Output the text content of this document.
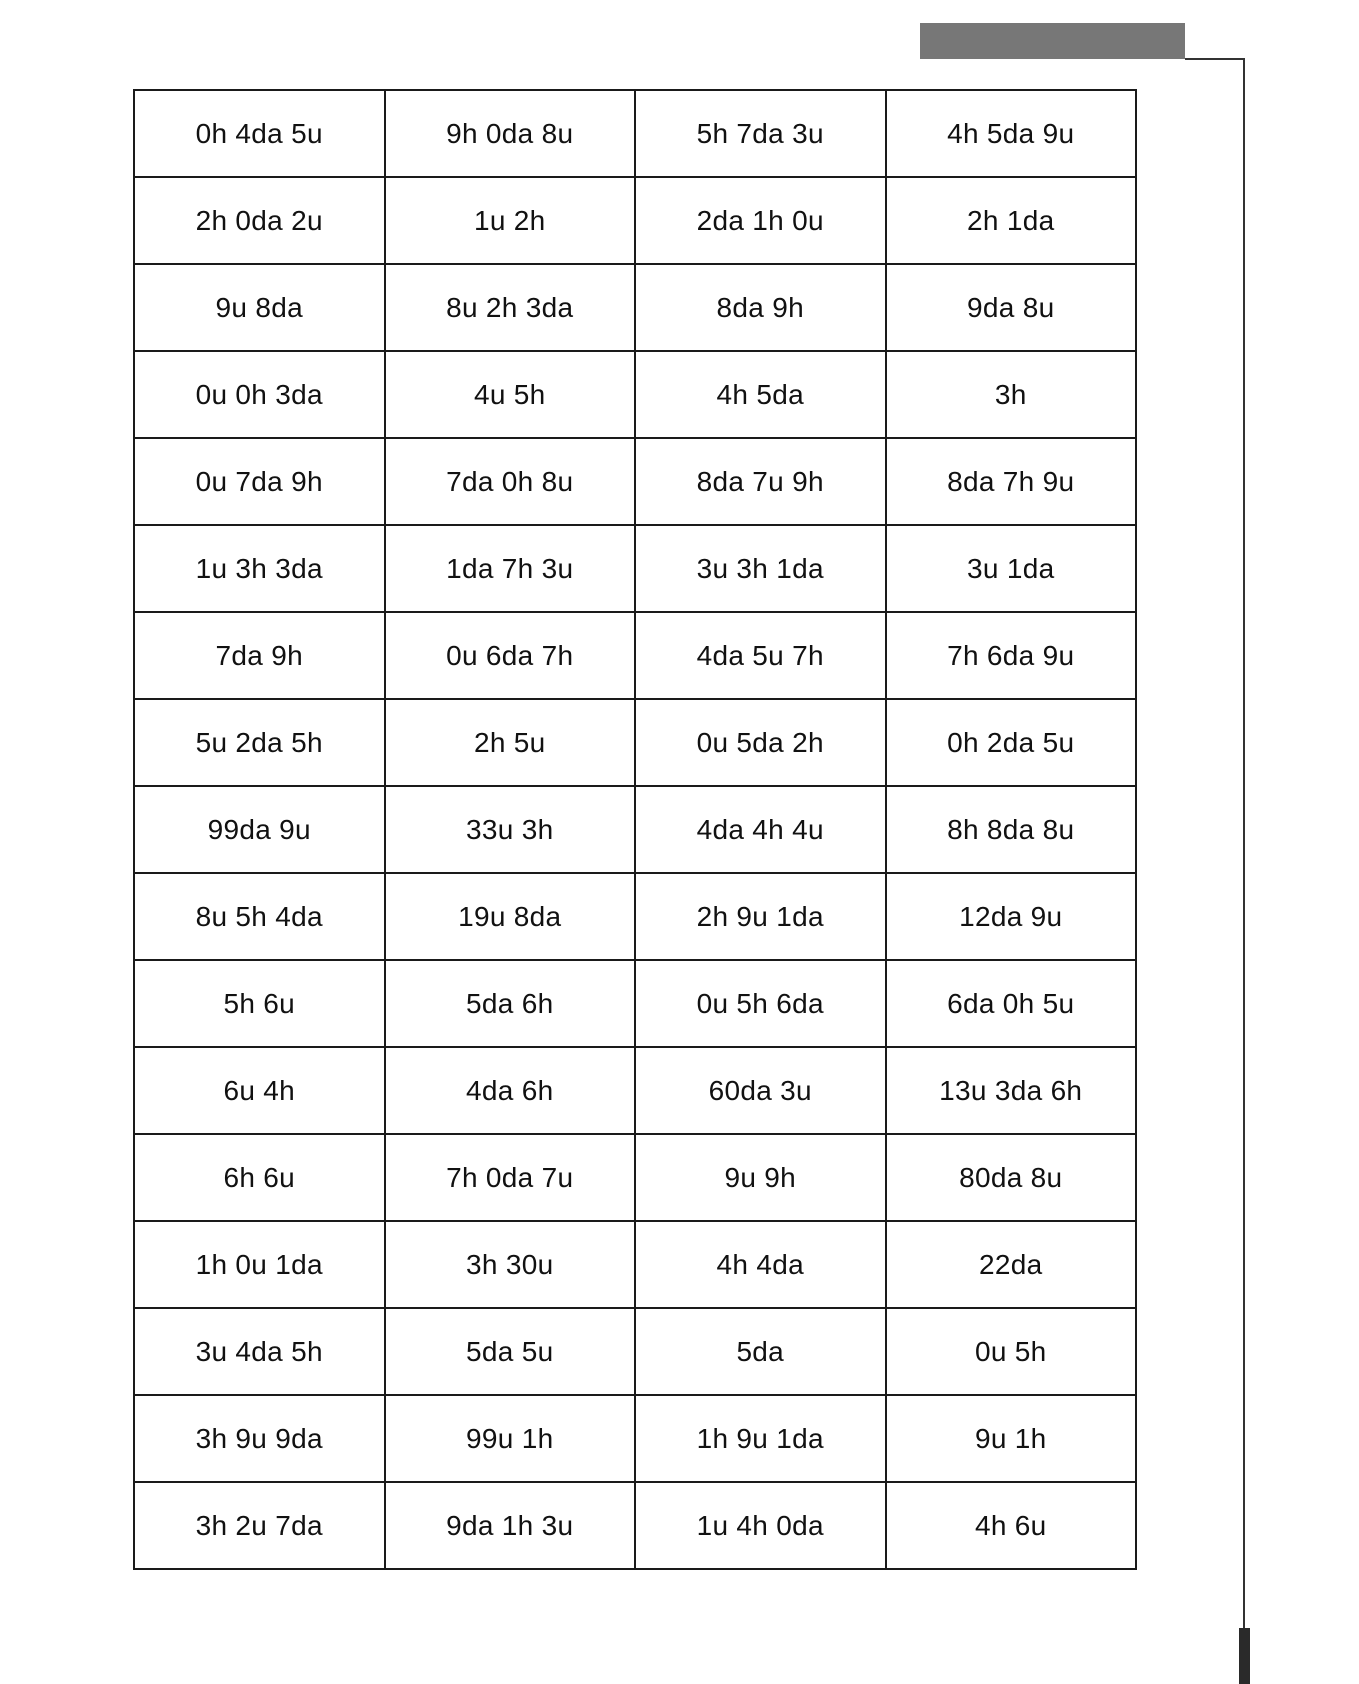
0h 4da 5u	9h 0da 8u	5h 7da 3u	4h 5da 9u
2h 0da 2u	1u 2h	2da 1h 0u	2h 1da
9u 8da	8u 2h 3da	8da 9h	9da 8u
0u 0h 3da	4u 5h	4h 5da	3h
0u 7da 9h	7da 0h 8u	8da 7u 9h	8da 7h 9u
1u 3h 3da	1da 7h 3u	3u 3h 1da	3u 1da
7da 9h	0u 6da 7h	4da 5u 7h	7h 6da 9u
5u 2da 5h	2h 5u	0u 5da 2h	0h 2da 5u
99da 9u	33u 3h	4da 4h 4u	8h 8da 8u
8u 5h 4da	19u 8da	2h 9u 1da	12da 9u
5h 6u	5da 6h	0u 5h 6da	6da 0h 5u
6u 4h	4da 6h	60da 3u	13u 3da 6h
6h 6u	7h 0da 7u	9u 9h	80da 8u
1h 0u 1da	3h 30u	4h 4da	22da
3u 4da 5h	5da 5u	5da	0u 5h
3h 9u 9da	99u 1h	1h 9u 1da	9u 1h
3h 2u 7da	9da 1h 3u	1u 4h 0da	4h 6u
